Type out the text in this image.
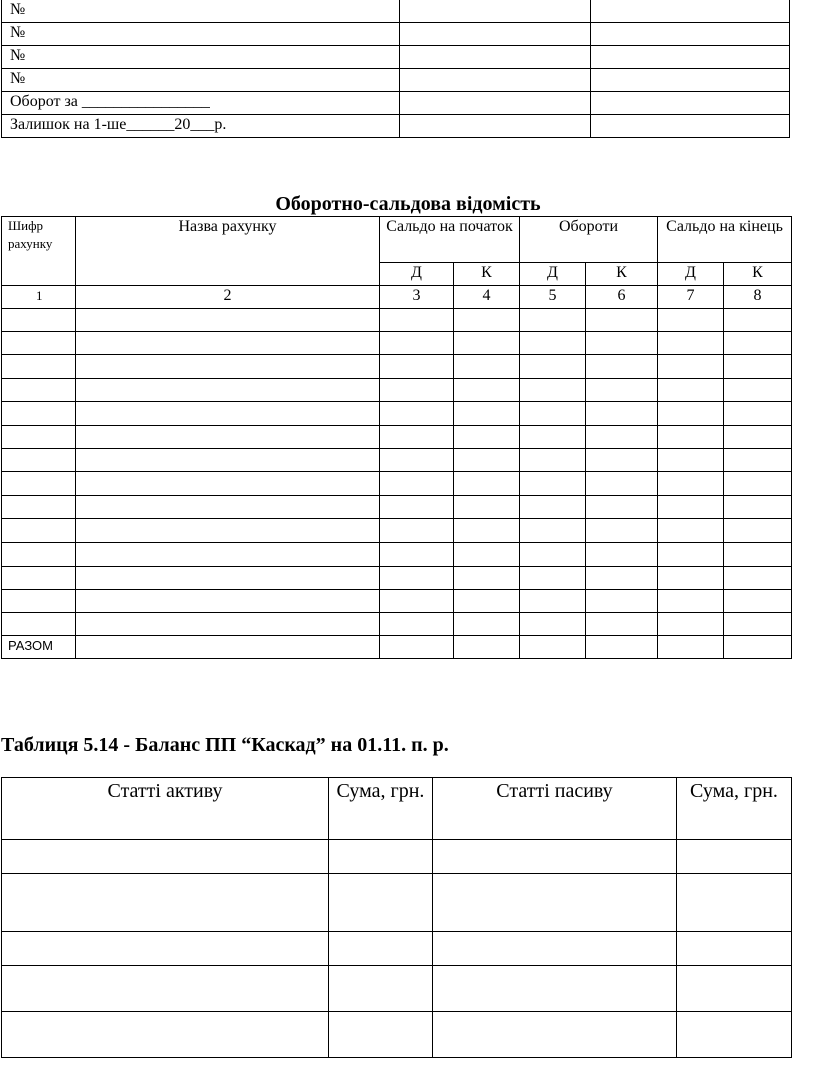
№		
№		
№		
№		
Оборот за ________________		
Залишок на 1-ше______20___р.		
Оборотно-сальдова відомість
Шифр рахунку	Назва рахунку	Сальдо на початок		Обороти		Сальдо на кінець	
		Д	К	Д	К	Д	К
1	2	3	4	5	6	7	8

РАЗОМ							
Таблиця 5.14 - Баланс ПП “Каскад” на 01.11. п. р.
Статті активу	Сума, грн.	Статті пасиву	Сума, грн.
